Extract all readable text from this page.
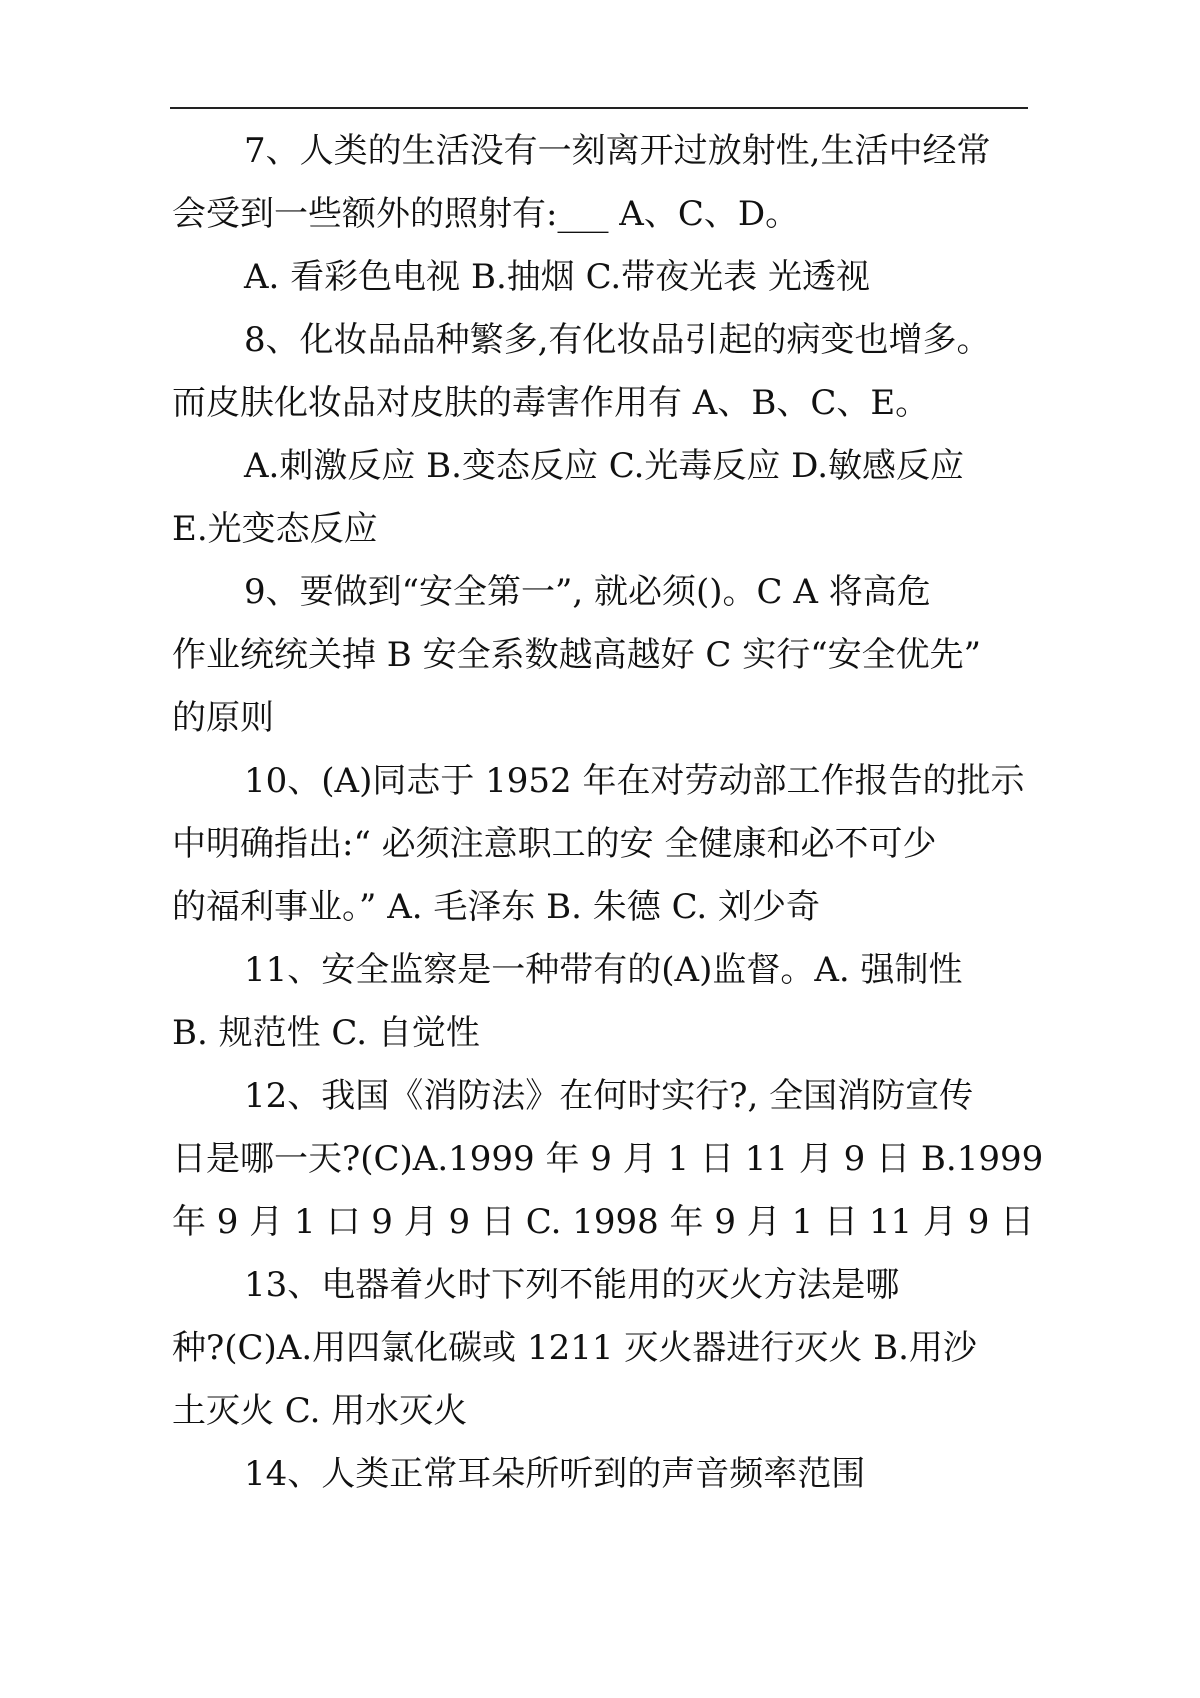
7、人类的生活没有一刻离开过放射性,生活中经常
会受到一些额外的照射有:___ A、C、D。

A. 看彩色电视 B.抽烟 C.带夜光表 光透视

8、化妆品品种繁多,有化妆品引起的病变也增多。
而皮肤化妆品对皮肤的毒害作用有 A、B、C、E。

A.刺激反应 B.变态反应 C.光毒反应 D.敏感反应
E.光变态反应

9、要做到“安全第一”, 就必须()。C A 将高危
作业统统关掉 B 安全系数越高越好 C 实行“安全优先”
的原则

10、(A)同志于 1952 年在对劳动部工作报告的批示
中明确指出:“ 必须注意职工的安 全健康和必不可少
的福利事业。” A. 毛泽东 B. 朱德 C. 刘少奇

11、安全监察是一种带有的(A)监督。A. 强制性
B. 规范性 C. 自觉性

12、我国《消防法》在何时实行?, 全国消防宣传
日是哪一天?(C)A.1999 年 9 月 1 日 11 月 9 日 B.1999
年 9 月 1 口 9 月 9 日 C. 1998 年 9 月 1 日 11 月 9 日

13、电器着火时下列不能用的灭火方法是哪
种?(C)A.用四氯化碳或 1211 灭火器进行灭火 B.用沙
土灭火 C. 用水灭火

14、人类正常耳朵所听到的声音频率范围
